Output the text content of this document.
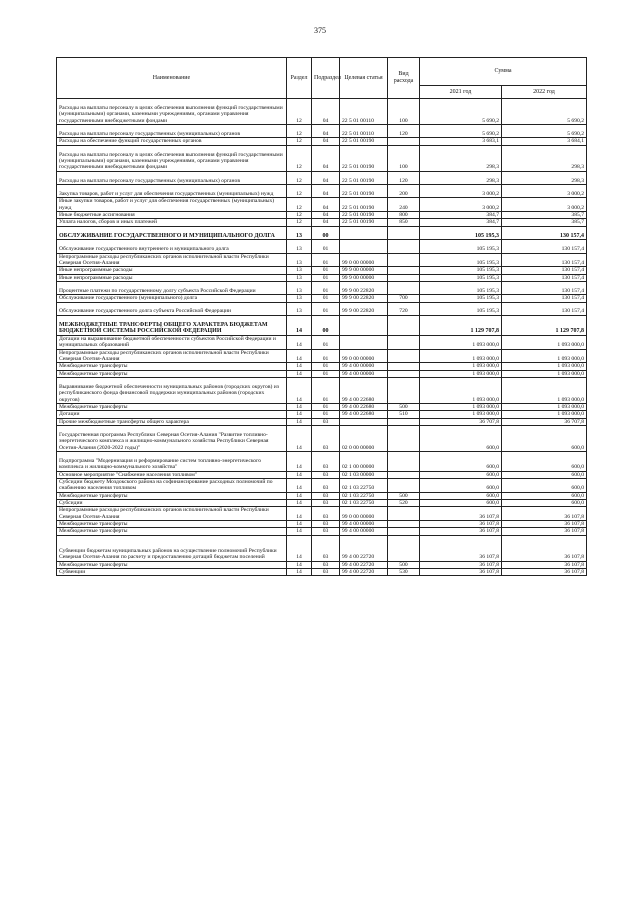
375
Наименование	Раздел	Подраздел	Целевая статья	Вид расхода	Сумма	
					2021 год	2022 год
Расходы на выплаты персоналу в целях обеспечения выполнения функций государственными (муниципальными) органами, казенными учреждениями, органами управления государственными внебюджетными фондами	12	04	22 5 01 00110	100	5 690,2	5 690,2
Расходы на выплаты персоналу государственных (муниципальных) органов	12	04	22 5 01 00110	120	5 690,2	5 690,2
Расходы на обеспечение функций государственных органов	12	04	22 5 01 00190		3 683,1	3 684,1
Расходы на выплаты персоналу в целях обеспечения выполнения функций государственными (муниципальными) органами, казенными учреждениями, органами управления государственными внебюджетными фондами	12	04	22 5 01 00190	100	298,3	298,3
Расходы на выплаты персоналу государственных (муниципальных) органов	12	04	22 5 01 00190	120	298,3	298,3
Закупка товаров, работ и услуг для обеспечения государственных (муниципальных) нужд	12	04	22 5 01 00190	200	3 000,2	3 000,2
Иные закупки товаров, работ и услуг для обеспечения государственных (муниципальных) нужд	12	04	22 5 01 00190	240	3 000,2	3 000,2
Иные бюджетные ассигнования	12	04	22 5 01 00190	800	384,7	385,7
Уплата налогов, сборов и иных платежей	12	04	22 5 01 00190	850	384,7	385,7
ОБСЛУЖИВАНИЕ ГОСУДАРСТВЕННОГО И МУНИЦИПАЛЬНОГО ДОЛГА	13	00			105 195,3	130 157,4
Обслуживание государственного внутреннего и муниципального долга	13	01			105 195,3	130 157,4
Непрограммные расходы республиканских органов исполнительной власти Республики Северная Осетия-Алания	13	01	99 0 00 00000		105 195,3	130 157,4
Иные непрограммные расходы	13	01	99 9 00 00000		105 195,3	130 157,4
Иные непрограммные расходы	13	01	99 9 00 00000		105 195,3	130 157,4
Процентные платежи по государственному долгу субъекта Российской Федерации	13	01	99 9 00 22820		105 195,3	130 157,4
Обслуживание государственного (муниципального) долга	13	01	99 9 00 22820	700	105 195,3	130 157,4
Обслуживание государственного долга субъекта Российской Федерации	13	01	99 9 00 22820	720	105 195,3	130 157,4
МЕЖБЮДЖЕТНЫЕ ТРАНСФЕРТЫ ОБЩЕГО ХАРАКТЕРА БЮДЖЕТАМ БЮДЖЕТНОЙ СИСТЕМЫ РОССИЙСКОЙ ФЕДЕРАЦИИ	14	00			1 129 707,8	1 129 707,8
Дотации на выравнивание бюджетной обеспеченности субъектов Российской Федерации и муниципальных образований	14	01			1 093 000,0	1 093 000,0
Непрограммные расходы республиканских органов исполнительной власти Республики Северная Осетия-Алания	14	01	99 0 00 00000		1 093 000,0	1 093 000,0
Межбюджетные трансферты	14	01	99 4 00 00000		1 093 000,0	1 093 000,0
Межбюджетные трансферты	14	01	99 4 00 00000		1 093 000,0	1 093 000,0
Выравнивание бюджетной обеспеченности муниципальных районов (городских округов) из республиканского фонда финансовой поддержки муниципальных районов (городских округов)	14	01	99 4 00 22680		1 093 000,0	1 093 000,0
Межбюджетные трансферты	14	01	99 4 00 22680	500	1 093 000,0	1 093 000,0
Дотации	14	01	99 4 00 22680	510	1 093 000,0	1 093 000,0
Прочие межбюджетные трансферты общего характера	14	03			36 707,8	36 707,8
Государственная программа Республики Северная Осетия-Алания "Развитие топливно-энергетического комплекса и жилищно-коммунального хозяйства Республики Северная Осетия-Алания (2020-2022 годы)"	14	03	02 0 00 00000		600,0	600,0
Подпрограмма "Модернизация и реформирование систем топливно-энергетического комплекса и жилищно-коммунального хозяйства"	14	03	02 1 00 00000		600,0	600,0
Основное мероприятие "Снабжение населения топливом"	14	03	02 1 03 00000		600,0	600,0
Субсидии бюджету Моздокского района на софинансирование расходных полномочий по снабжению населения топливом	14	03	02 1 03 22750		600,0	600,0
Межбюджетные трансферты	14	03	02 1 03 22750	500	600,0	600,0
Субсидии	14	03	02 1 03 22750	520	600,0	600,0
Непрограммные расходы республиканских органов исполнительной власти Республики Северная Осетия-Алания	14	03	99 0 00 00000		36 107,8	36 107,8
Межбюджетные трансферты	14	03	99 4 00 00000		36 107,8	36 107,8
Межбюджетные трансферты	14	03	99 4 00 00000		36 107,8	36 107,8
Субвенции бюджетам муниципальных районов на осуществление полномочий Республики Северная Осетия-Алания по расчету и предоставлению дотаций бюджетам поселений	14	03	99 4 00 22720		36 107,8	36 107,8
Межбюджетные трансферты	14	03	99 4 00 22720	500	36 107,8	36 107,8
Субвенции	14	03	99 4 00 22720	530	36 107,8	36 107,8
